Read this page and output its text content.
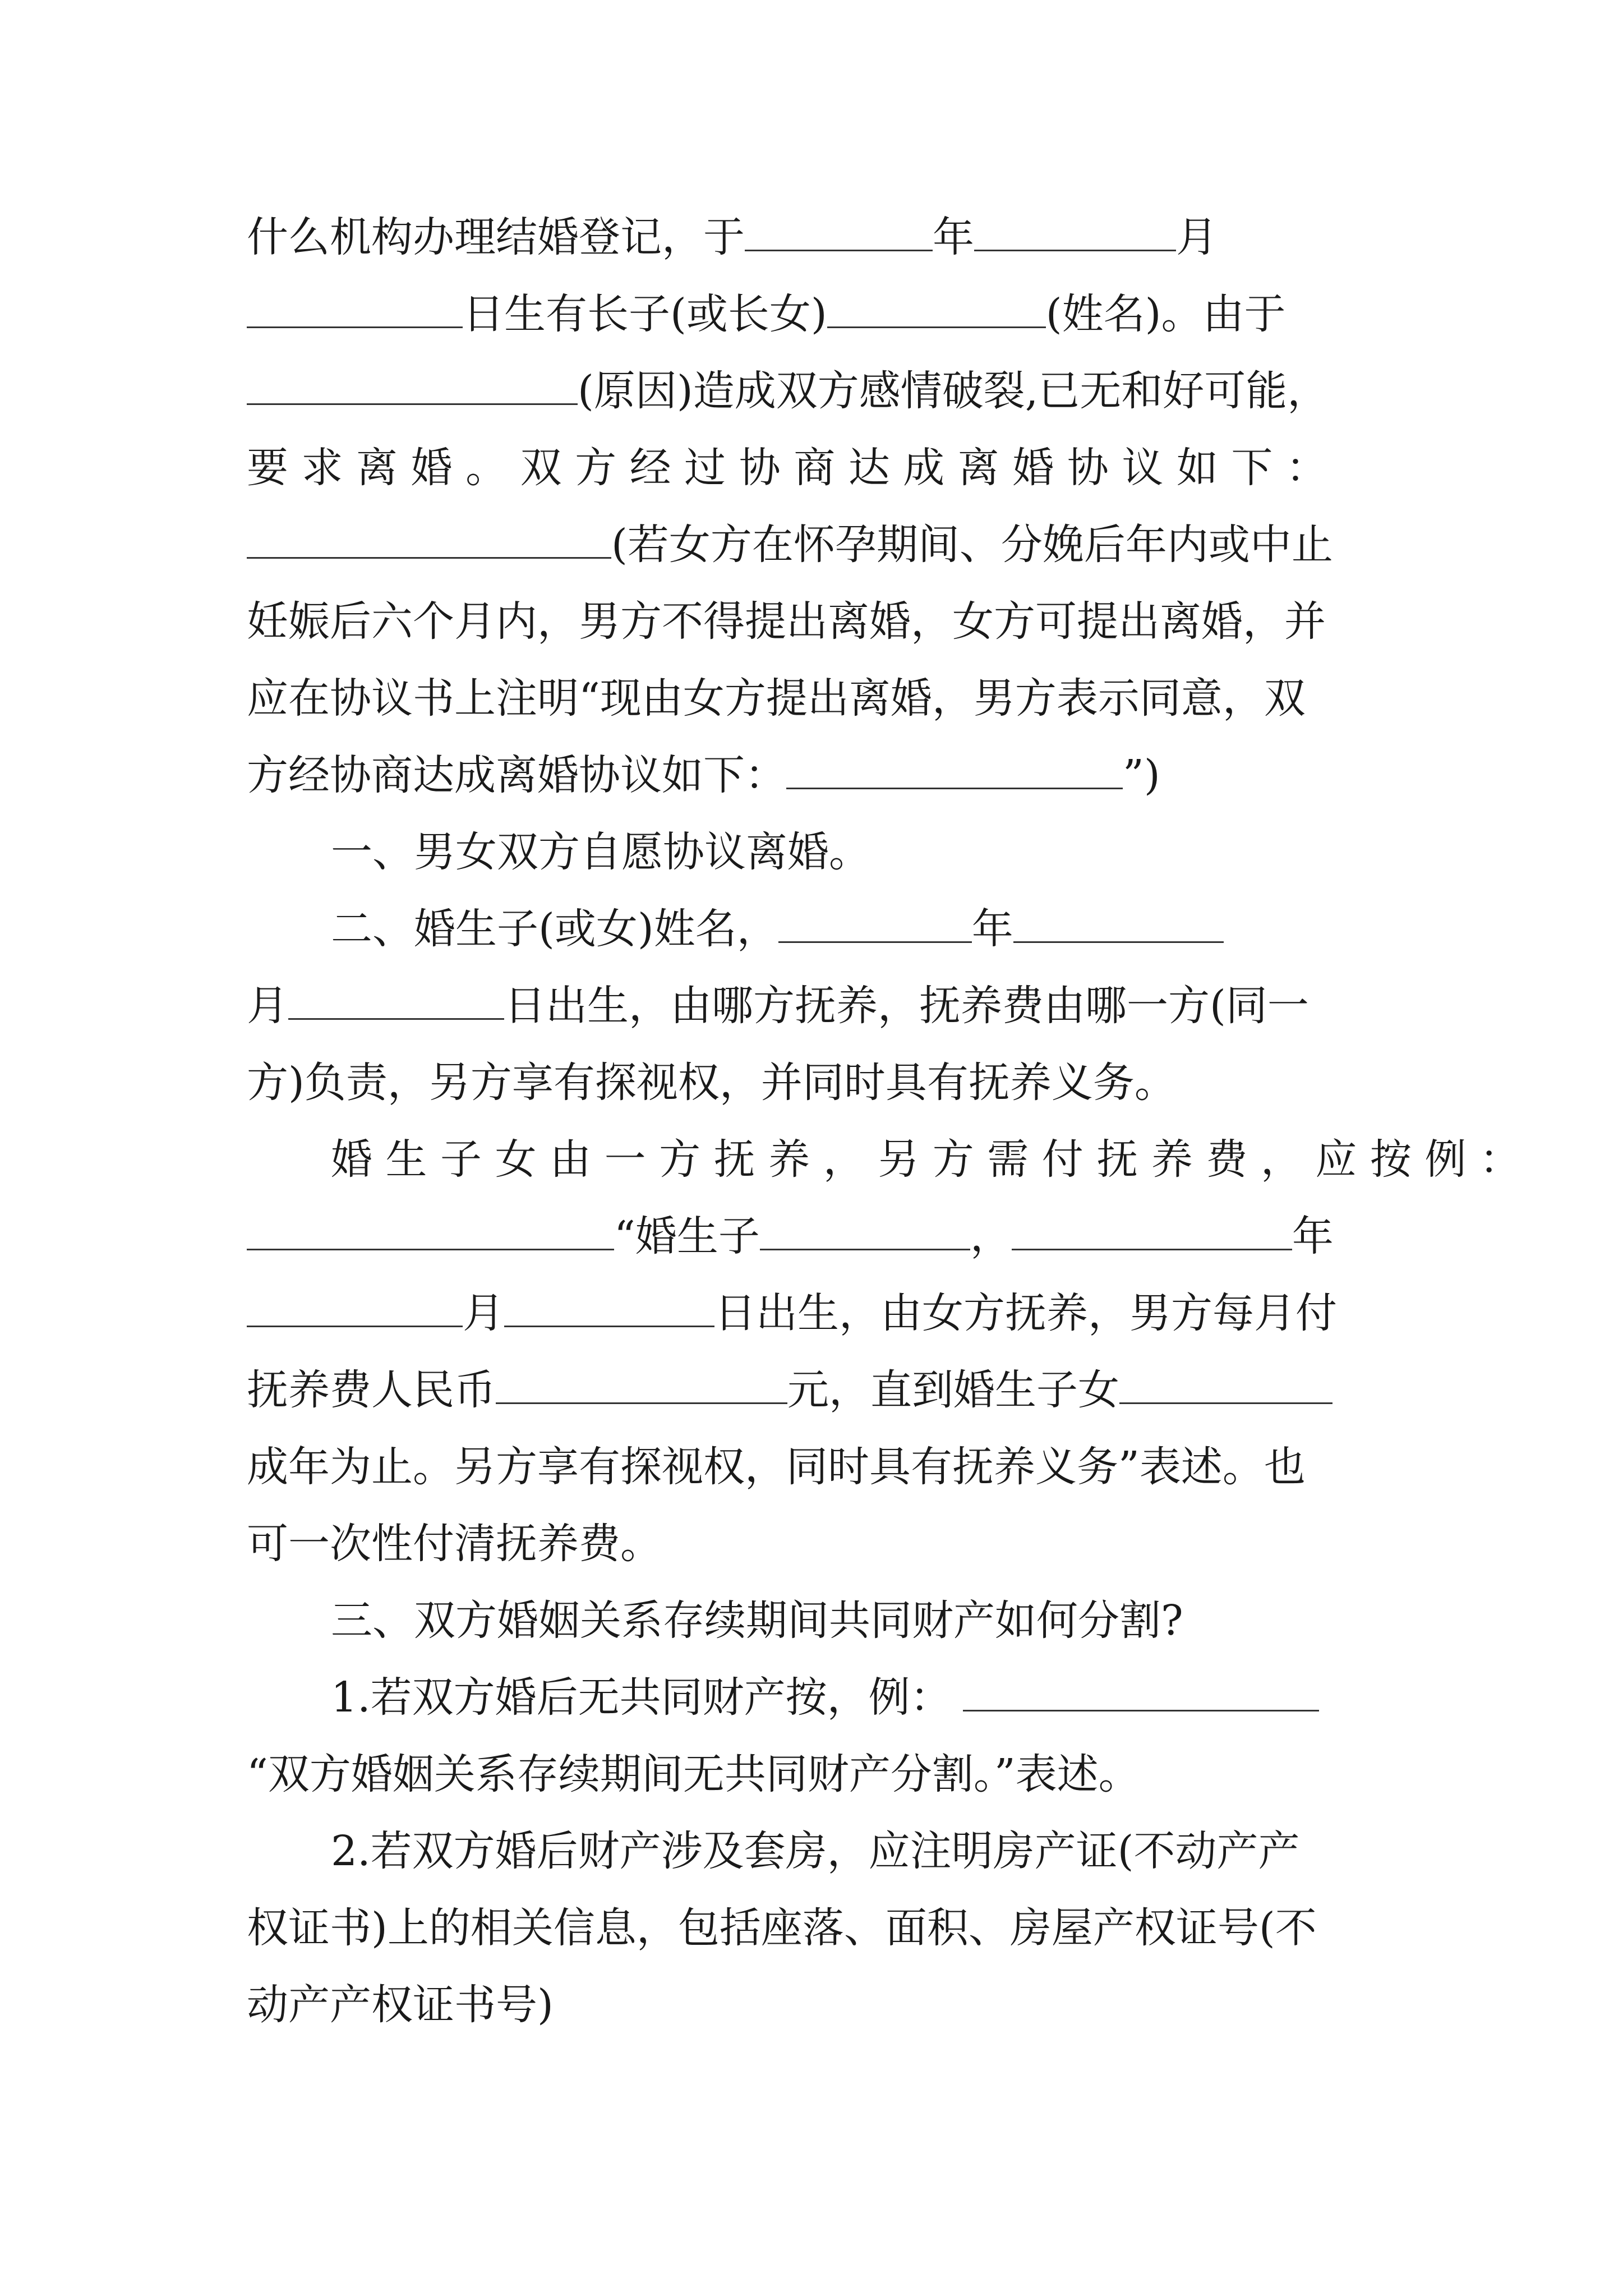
什么机构办理结婚登记，于	年	月
日生有长子(或长女)	(姓名)。由于
(原因)造成双方感情破裂,已无和好可能，
要 求 离 婚 。 双 方 经 过 协 商 达 成 离 婚 协 议 如 下 ：
(若女方在怀孕期间、分娩后年内或中止
妊娠后六个月内，男方不得提出离婚，女方可提出离婚，并
应在协议书上注明“现由女方提出离婚，男方表示同意，双
方经协商达成离婚协议如下：	”)
一、男女双方自愿协议离婚。
二、婚生子(或女)姓名，	年
月	日出生，由哪方抚养，抚养费由哪一方(同一
方)负责，另方享有探视权，并同时具有抚养义务。
婚 生 子 女 由 一 方 抚 养 ， 另 方 需 付 抚 养 费 ， 应 按 例 ：
“婚生子	，	年
月	日出生，由女方抚养，男方每月付
抚养费人民币	元，直到婚生子女
成年为止。另方享有探视权，同时具有抚养义务”表述。也
可一次性付清抚养费。
三、双方婚姻关系存续期间共同财产如何分割?
1.若双方婚后无共同财产按，例：
“双方婚姻关系存续期间无共同财产分割。”表述。
2.若双方婚后财产涉及套房，应注明房产证(不动产产
权证书)上的相关信息，包括座落、面积、房屋产权证号(不
动产产权证书号)
